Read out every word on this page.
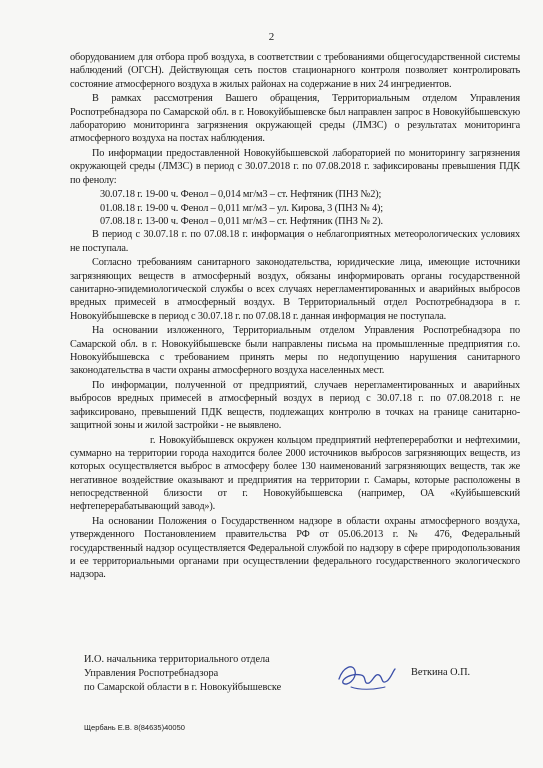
2

оборудованием для отбора проб воздуха, в соответствии с требованиями общегосударственной системы наблюдений (ОГСН). Действующая сеть постов стационарного контроля позволяет контролировать состояние атмосферного воздуха в жилых районах на содержание в них 24 ингредиентов.

В рамках рассмотрения Вашего обращения, Территориальным отделом Управления Роспотребнадзора по Самарской обл. в г. Новокуйбышевске был направлен запрос в Новокуйбышевскую лабораторию мониторинга загрязнения окружающей среды (ЛМЗС) о результатах мониторинга атмосферного воздуха на постах наблюдения.

По информации предоставленной Новокуйбышевской лабораторией по мониторингу загрязнения окружающей среды (ЛМЗС) в период с 30.07.2018 г. по 07.08.2018 г. зафиксированы превышения ПДК по фенолу:

30.07.18 г. 19-00 ч. Фенол – 0,014 мг/м3 – ст. Нефтяник (ПНЗ №2);
01.08.18 г. 19-00 ч. Фенол – 0,011 мг/м3 – ул. Кирова, 3 (ПНЗ № 4);
07.08.18 г. 13-00 ч. Фенол – 0,011 мг/м3 – ст. Нефтяник (ПНЗ № 2).

В период с 30.07.18 г. по 07.08.18 г. информация о неблагоприятных метеорологических условиях не поступала.

Согласно требованиям санитарного законодательства, юридические лица, имеющие источники загрязняющих веществ в атмосферный воздух, обязаны информировать органы государственной санитарно-эпидемиологической службы о всех случаях нерегламентированных и аварийных выбросов вредных примесей в атмосферный воздух. В Территориальный отдел Роспотребнадзора в г. Новокуйбышевске в период с 30.07.18 г. по 07.08.18 г. данная информация не поступала.

На основании изложенного, Территориальным отделом Управления Роспотребнадзора по Самарской обл. в г. Новокуйбышевске были направлены письма на промышленные предприятия г.о. Новокуйбышевска с требованием принять меры по недопущению нарушения санитарного законодательства в части охраны атмосферного воздуха населенных мест.

По информации, полученной от предприятий, случаев нерегламентированных и аварийных выбросов вредных примесей в атмосферный воздух в период с 30.07.18 г. по 07.08.2018 г. не зафиксировано, превышений ПДК веществ, подлежащих контролю в точках на границе санитарно-защитной зоны и жилой застройки - не выявлено.

г. Новокуйбышевск окружен кольцом предприятий нефтепереработки и нефтехимии, суммарно на территории города находится более 2000 источников выбросов загрязняющих веществ, из которых осуществляется выброс в атмосферу более 130 наименований загрязняющих веществ, так же негативное воздействие оказывают и предприятия на территории г. Самары, которые расположены в непосредственной близости от г. Новокуйбышевска (например, ОА «Куйбышевский нефтеперерабатывающий завод»).

На основании Положения о Государственном надзоре в области охраны атмосферного воздуха, утвержденного Постановлением правительства РФ от 05.06.2013 г. № 476, Федеральный государственный надзор осуществляется Федеральной службой по надзору в сфере природопользования и ее территориальными органами при осуществлении федерального государственного экологического надзора.

И.О. начальника территориального отдела
Управления Роспотребнадзора
по Самарской области в г. Новокуйбышевске
Веткина О.П.
Щербань Е.В. 8(84635)40050
